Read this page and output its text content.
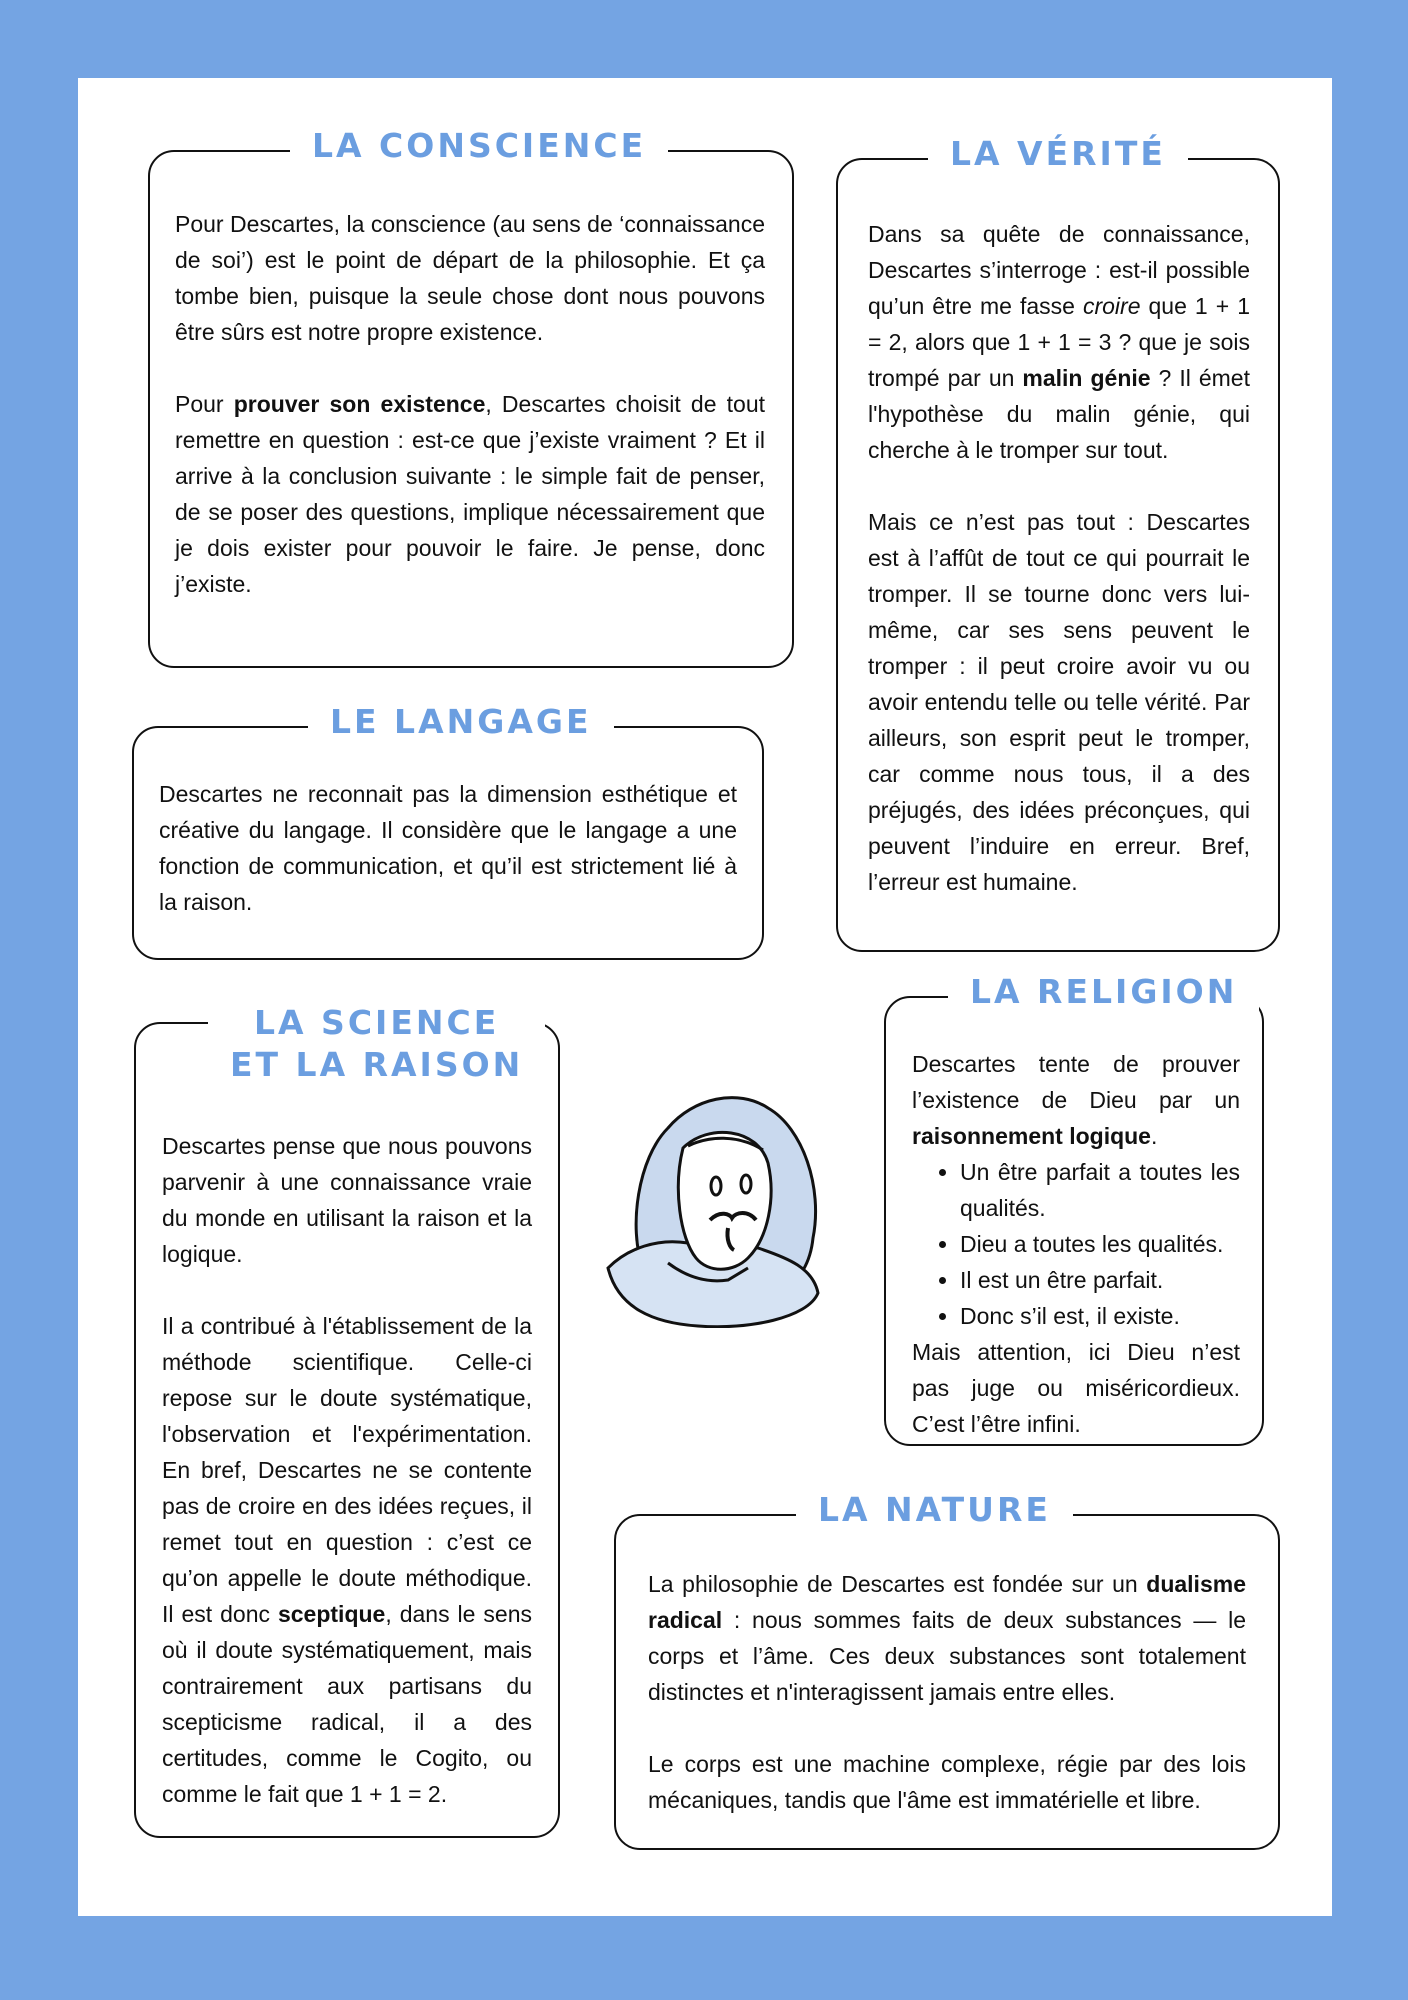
LA CONSCIENCE

Pour Descartes, la conscience (au sens de ‘connaissance de soi’) est le point de départ de la philosophie. Et ça tombe bien, puisque la seule chose dont nous pouvons être sûrs est notre propre existence.

Pour prouver son existence, Descartes choisit de tout remettre en question : est-ce que j’existe vraiment ? Et il arrive à la conclusion suivante : le simple fait de penser, de se poser des questions, implique nécessairement que je dois exister pour pouvoir le faire. Je pense, donc j’existe.

LA VÉRITÉ

Dans sa quête de connaissance, Descartes s’interroge : est-il possible qu’un être me fasse croire que 1 + 1 = 2, alors que 1 + 1 = 3 ? que je sois trompé par un malin génie ? Il émet l'hypothèse du malin génie, qui cherche à le tromper sur tout.

Mais ce n’est pas tout : Descartes est à l’affût de tout ce qui pourrait le tromper. Il se tourne donc vers lui-même, car ses sens peuvent le tromper : il peut croire avoir vu ou avoir entendu telle ou telle vérité. Par ailleurs, son esprit peut le tromper, car comme nous tous, il a des préjugés, des idées préconçues, qui peuvent l’induire en erreur. Bref, l’erreur est humaine.

LE LANGAGE

Descartes ne reconnait pas la dimension esthétique et créative du langage. Il considère que le langage a une fonction de communication, et qu’il est strictement lié à la raison.

LA SCIENCE
ET LA RAISON

Descartes pense que nous pouvons parvenir à une connaissance vraie du monde en utilisant la raison et la logique.

Il a contribué à l'établissement de la méthode scientifique. Celle-ci repose sur le doute systématique, l'observation et l'expérimentation. En bref, Descartes ne se contente pas de croire en des idées reçues, il remet tout en question : c’est ce qu’on appelle le doute méthodique. Il est donc sceptique, dans le sens où il doute systématiquement, mais contrairement aux partisans du scepticisme radical, il a des certitudes, comme le Cogito, ou comme le fait que 1 + 1 = 2.

LA RELIGION

Descartes tente de prouver l’existence de Dieu par un raisonnement logique.

• Un être parfait a toutes les qualités.
• Dieu a toutes les qualités.
• Il est un être parfait.
• Donc s’il est, il existe.

Mais attention, ici Dieu n’est pas juge ou miséricordieux. C’est l’être infini.

LA NATURE

La philosophie de Descartes est fondée sur un dualisme radical : nous sommes faits de deux substances — le corps et l’âme. Ces deux substances sont totalement distinctes et n'interagissent jamais entre elles.

Le corps est une machine complexe, régie par des lois mécaniques, tandis que l'âme est immatérielle et libre.
